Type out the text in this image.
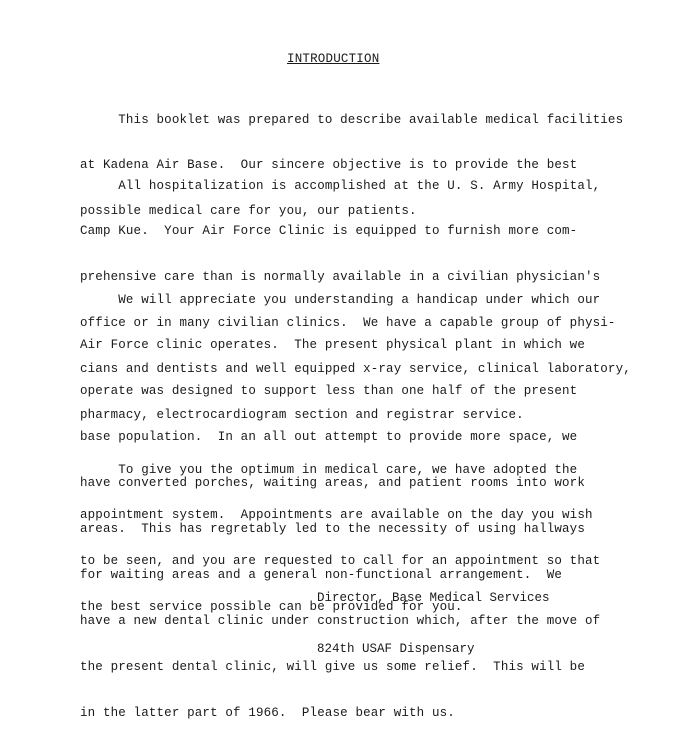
INTRODUCTION

This booklet was prepared to describe available medical facilities

at Kadena Air Base.  Our sincere objective is to provide the best

possible medical care for you, our patients.

All hospitalization is accomplished at the U. S. Army Hospital,

Camp Kue.  Your Air Force Clinic is equipped to furnish more com-

prehensive care than is normally available in a civilian physician's

office or in many civilian clinics.  We have a capable group of physi-

cians and dentists and well equipped x-ray service, clinical laboratory,

pharmacy, electrocardiogram section and registrar service.

We will appreciate you understanding a handicap under which our

Air Force clinic operates.  The present physical plant in which we

operate was designed to support less than one half of the present

base population.  In an all out attempt to provide more space, we

have converted porches, waiting areas, and patient rooms into work

areas.  This has regretably led to the necessity of using hallways

for waiting areas and a general non-functional arrangement.  We

have a new dental clinic under construction which, after the move of

the present dental clinic, will give us some relief.  This will be

in the latter part of 1966.  Please bear with us.

To give you the optimum in medical care, we have adopted the

appointment system.  Appointments are available on the day you wish

to be seen, and you are requested to call for an appointment so that

the best service possible can be provided for you.

Director, Base Medical Services

824th USAF Dispensary
